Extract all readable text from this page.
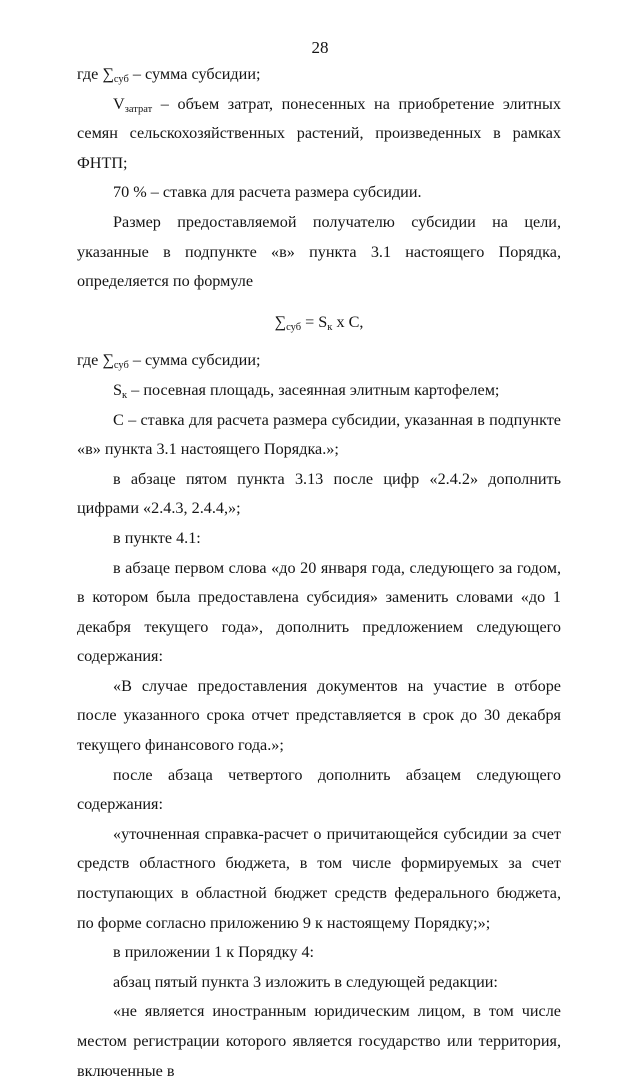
28

где $\sum_{суб}$ – сумма субсидии;

$V_{затрат}$ – объем затрат, понесенных на приобретение элитных семян сельскохозяйственных растений, произведенных в рамках ФНТП;

70 % – ставка для расчета размера субсидии.

Размер предоставляемой получателю субсидии на цели, указанные в подпункте «в» пункта 3.1 настоящего Порядка, определяется по формуле

$\sum_{суб} = S_к$ x C,

где $\sum_{суб}$ – сумма субсидии;

$S_к$ – посевная площадь, засеянная элитным картофелем;

С – ставка для расчета размера субсидии, указанная в подпункте «в» пункта 3.1 настоящего Порядка.»;

в абзаце пятом пункта 3.13 после цифр «2.4.2» дополнить цифрами «2.4.3, 2.4.4,»;

в пункте 4.1:

в абзаце первом слова «до 20 января года, следующего за годом, в котором была предоставлена субсидия» заменить словами «до 1 декабря текущего года», дополнить предложением следующего содержания:

«В случае предоставления документов на участие в отборе после указанного срока отчет представляется в срок до 30 декабря текущего финансового года.»;

после абзаца четвертого дополнить абзацем следующего содержания:

«уточненная справка-расчет о причитающейся субсидии за счет средств областного бюджета, в том числе формируемых за счет поступающих в областной бюджет средств федерального бюджета, по форме согласно приложению 9 к настоящему Порядку;»;

в приложении 1 к Порядку 4:

абзац пятый пункта 3 изложить в следующей редакции:

«не является иностранным юридическим лицом, в том числе местом регистрации которого является государство или территория, включенные в
